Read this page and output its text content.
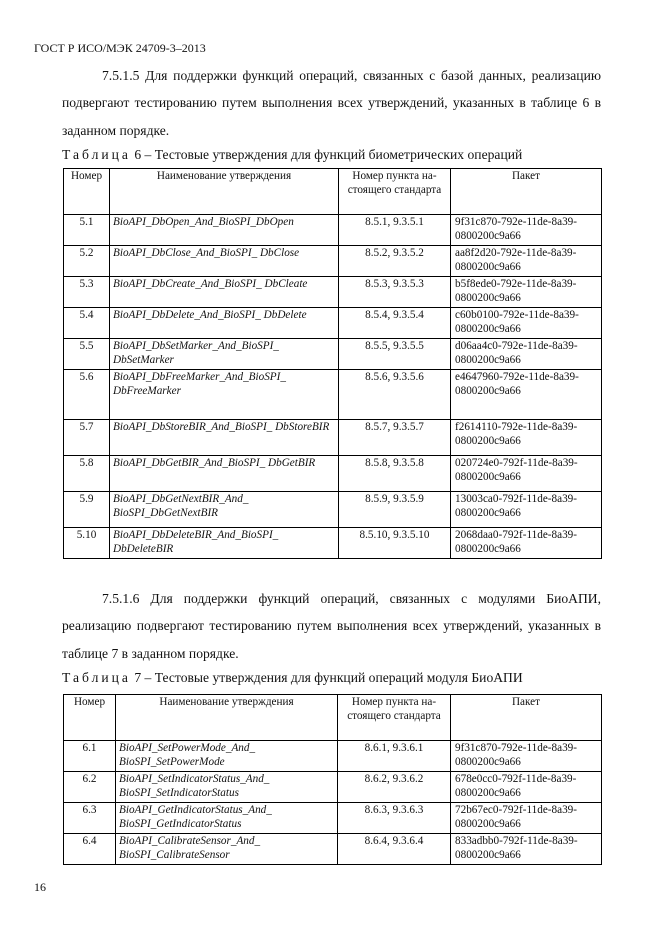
ГОСТ Р ИСО/МЭК 24709-3–2013
7.5.1.5 Для поддержки функций операций, связанных с базой данных, реализацию подвергают тестированию путем выполнения всех утверждений, указанных в таблице 6 в заданном порядке.
Таблица 6 – Тестовые утверждения для функций биометрических операций
Номер	Наименование утверждения	Номер пункта на-стоящего стандарта	Пакет
5.1	BioAPI_DbOpen_And_BioSPI_DbOpen	8.5.1, 9.3.5.1	9f31c870-792e-11de-8a39-0800200c9a66
5.2	BioAPI_DbClose_And_BioSPI_ DbClose	8.5.2, 9.3.5.2	aa8f2d20-792e-11de-8a39-0800200c9a66
5.3	BioAPI_DbCreate_And_BioSPI_ DbCleate	8.5.3, 9.3.5.3	b5f8ede0-792e-11de-8a39-0800200c9a66
5.4	BioAPI_DbDelete_And_BioSPI_ DbDelete	8.5.4, 9.3.5.4	c60b0100-792e-11de-8a39-0800200c9a66
5.5	BioAPI_DbSetMarker_And_BioSPI_ DbSetMarker	8.5.5, 9.3.5.5	d06aa4c0-792e-11de-8a39-0800200c9a66
5.6	BioAPI_DbFreeMarker_And_BioSPI_ DbFreeMarker	8.5.6, 9.3.5.6	e4647960-792e-11de-8a39-0800200c9a66
5.7	BioAPI_DbStoreBIR_And_BioSPI_ DbStoreBIR	8.5.7, 9.3.5.7	f2614110-792e-11de-8a39-0800200c9a66
5.8	BioAPI_DbGetBIR_And_BioSPI_ DbGetBIR	8.5.8, 9.3.5.8	020724e0-792f-11de-8a39-0800200c9a66
5.9	BioAPI_DbGetNextBIR_And_ BioSPI_DbGetNextBIR	8.5.9, 9.3.5.9	13003ca0-792f-11de-8a39-0800200c9a66
5.10	BioAPI_DbDeleteBIR_And_BioSPI_ DbDeleteBIR	8.5.10, 9.3.5.10	2068daa0-792f-11de-8a39-0800200c9a66
7.5.1.6 Для поддержки функций операций, связанных с модулями БиоАПИ, реализацию подвергают тестированию путем выполнения всех утверждений, указанных в таблице 7 в заданном порядке.
Таблица 7 – Тестовые утверждения для функций операций модуля БиоАПИ
Номер	Наименование утверждения	Номер пункта на-стоящего стандарта	Пакет
6.1	BioAPI_SetPowerMode_And_ BioSPI_SetPowerMode	8.6.1, 9.3.6.1	9f31c870-792e-11de-8a39-0800200c9a66
6.2	BioAPI_SetIndicatorStatus_And_ BioSPI_SetIndicatorStatus	8.6.2, 9.3.6.2	678e0cc0-792f-11de-8a39-0800200c9a66
6.3	BioAPI_GetIndicatorStatus_And_ BioSPI_GetIndicatorStatus	8.6.3, 9.3.6.3	72b67ec0-792f-11de-8a39-0800200c9a66
6.4	BioAPI_CalibrateSensor_And_ BioSPI_CalibrateSensor	8.6.4, 9.3.6.4	833adbb0-792f-11de-8a39-0800200c9a66
16
